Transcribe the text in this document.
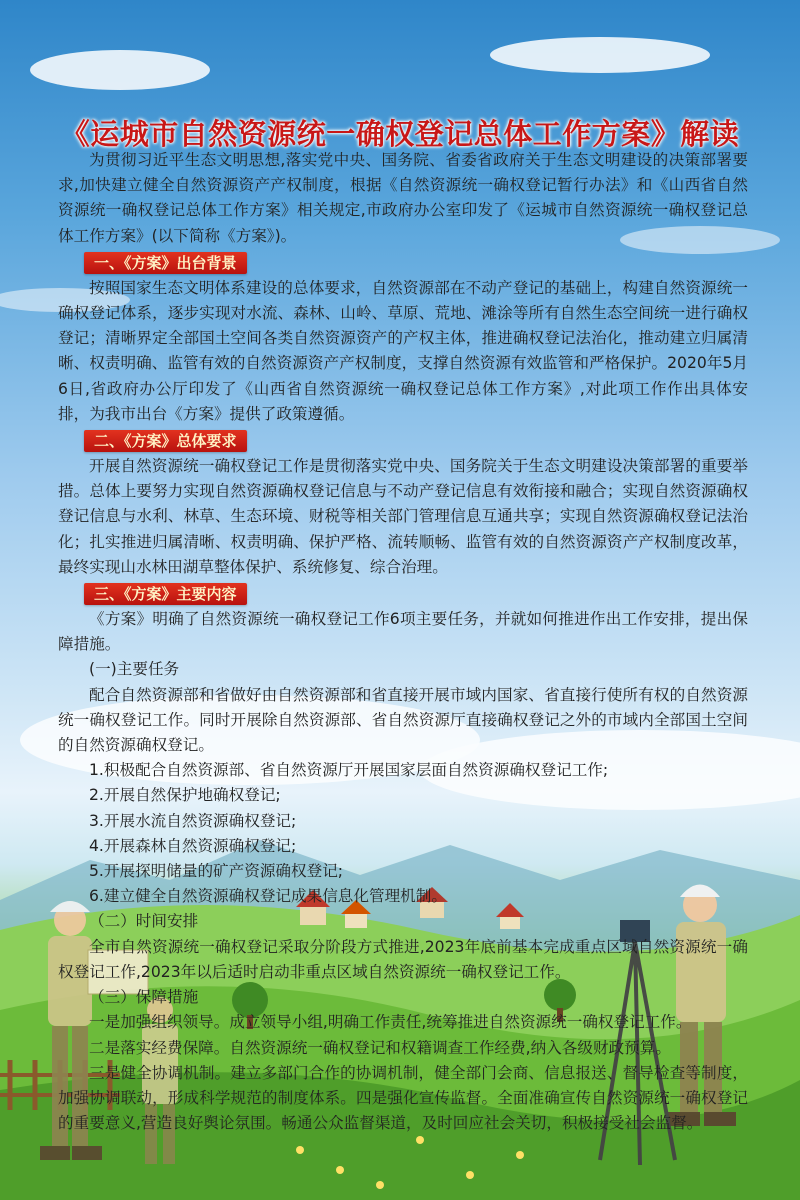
《运城市自然资源统一确权登记总体工作方案》解读

为贯彻习近平生态文明思想,落实党中央、国务院、省委省政府关于生态文明建设的决策部署要求,加快建立健全自然资源资产产权制度，根据《自然资源统一确权登记暂行办法》和《山西省自然资源统一确权登记总体工作方案》相关规定,市政府办公室印发了《运城市自然资源统一确权登记总体工作方案》(以下简称《方案》)。

一、《方案》出台背景

按照国家生态文明体系建设的总体要求，自然资源部在不动产登记的基础上，构建自然资源统一确权登记体系，逐步实现对水流、森林、山岭、草原、荒地、滩涂等所有自然生态空间统一进行确权登记；清晰界定全部国土空间各类自然资源资产的产权主体，推进确权登记法治化，推动建立归属清晰、权责明确、监管有效的自然资源资产产权制度，支撑自然资源有效监管和严格保护。2020年5月6日,省政府办公厅印发了《山西省自然资源统一确权登记总体工作方案》,对此项工作作出具体安排，为我市出台《方案》提供了政策遵循。

二、《方案》总体要求

开展自然资源统一确权登记工作是贯彻落实党中央、国务院关于生态文明建设决策部署的重要举措。总体上要努力实现自然资源确权登记信息与不动产登记信息有效衔接和融合；实现自然资源确权登记信息与水利、林草、生态环境、财税等相关部门管理信息互通共享；实现自然资源确权登记法治化；扎实推进归属清晰、权责明确、保护严格、流转顺畅、监管有效的自然资源资产产权制度改革，最终实现山水林田湖草整体保护、系统修复、综合治理。

三、《方案》主要内容

《方案》明确了自然资源统一确权登记工作6项主要任务，并就如何推进作出工作安排，提出保障措施。

(一)主要任务

配合自然资源部和省做好由自然资源部和省直接开展市域内国家、省直接行使所有权的自然资源统一确权登记工作。同时开展除自然资源部、省自然资源厅直接确权登记之外的市域内全部国土空间的自然资源确权登记。

1.积极配合自然资源部、省自然资源厅开展国家层面自然资源确权登记工作;

2.开展自然保护地确权登记;

3.开展水流自然资源确权登记;

4.开展森林自然资源确权登记;

5.开展探明储量的矿产资源确权登记;

6.建立健全自然资源确权登记成果信息化管理机制。

（二）时间安排

全市自然资源统一确权登记采取分阶段方式推进,2023年底前基本完成重点区域自然资源统一确权登记工作,2023年以后适时启动非重点区域自然资源统一确权登记工作。

（三）保障措施

一是加强组织领导。成立领导小组,明确工作责任,统筹推进自然资源统一确权登记工作。

二是落实经费保障。自然资源统一确权登记和权籍调查工作经费,纳入各级财政预算。

三是健全协调机制。建立多部门合作的协调机制，健全部门会商、信息报送、督导检查等制度，加强协调联动，形成科学规范的制度体系。四是强化宣传监督。全面准确宣传自然资源统一确权登记的重要意义,营造良好舆论氛围。畅通公众监督渠道，及时回应社会关切，积极接受社会监督。
